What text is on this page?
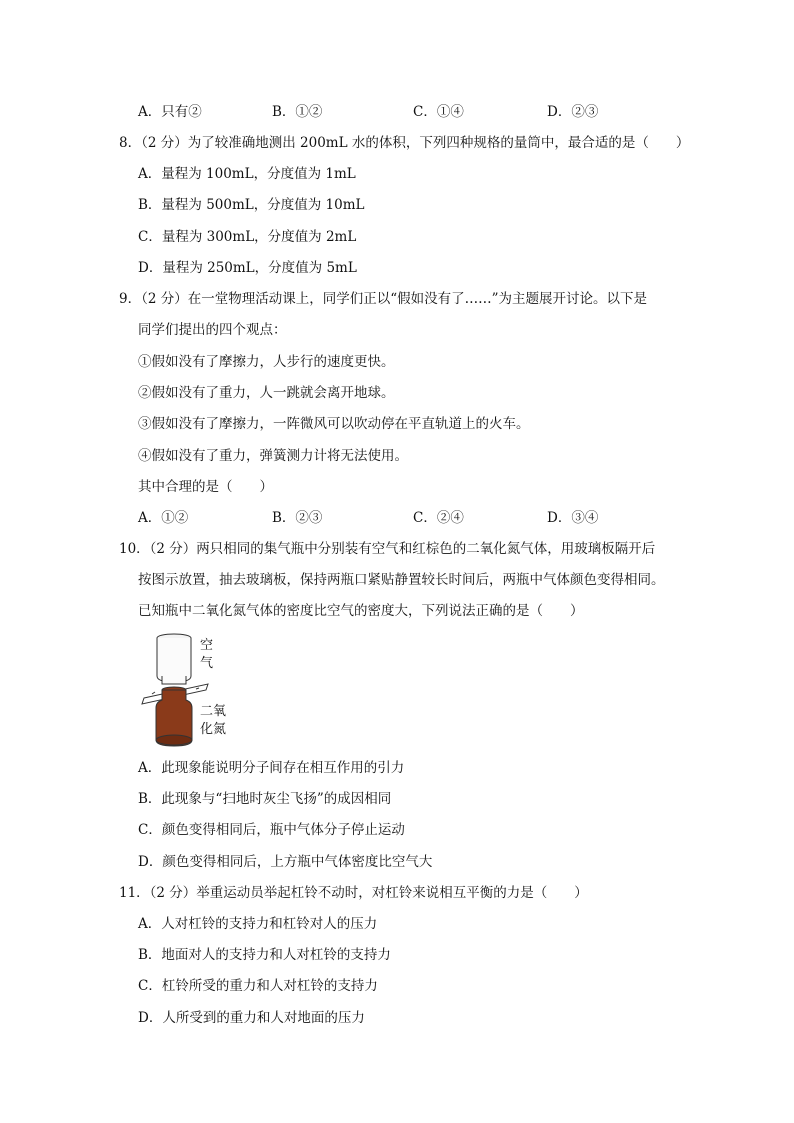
A．只有②	B．①②	C．①④	D．②③
8．（2 分）为了较准确地测出 200mL 水的体积，下列四种规格的量筒中，最合适的是（　　）
A．量程为 100mL，分度值为 1mL
B．量程为 500mL，分度值为 10mL
C．量程为 300mL，分度值为 2mL
D．量程为 250mL，分度值为 5mL
9．（2 分）在一堂物理活动课上，同学们正以“假如没有了……”为主题展开讨论。以下是
同学们提出的四个观点：
①假如没有了摩擦力，人步行的速度更快。
②假如没有了重力，人一跳就会离开地球。
③假如没有了摩擦力，一阵微风可以吹动停在平直轨道上的火车。
④假如没有了重力，弹簧测力计将无法使用。
其中合理的是（　　）
A．①②	B．②③	C．②④	D．③④
10．（2 分）两只相同的集气瓶中分别装有空气和红棕色的二氧化氮气体，用玻璃板隔开后
按图示放置，抽去玻璃板，保持两瓶口紧贴静置较长时间后，两瓶中气体颜色变得相同。
已知瓶中二氧化氮气体的密度比空气的密度大，下列说法正确的是（　　）
空
气
二氧
化氮
A．此现象能说明分子间存在相互作用的引力
B．此现象与“扫地时灰尘飞扬”的成因相同
C．颜色变得相同后，瓶中气体分子停止运动
D．颜色变得相同后，上方瓶中气体密度比空气大
11．（2 分）举重运动员举起杠铃不动时，对杠铃来说相互平衡的力是（　　）
A．人对杠铃的支持力和杠铃对人的压力
B．地面对人的支持力和人对杠铃的支持力
C．杠铃所受的重力和人对杠铃的支持力
D．人所受到的重力和人对地面的压力
